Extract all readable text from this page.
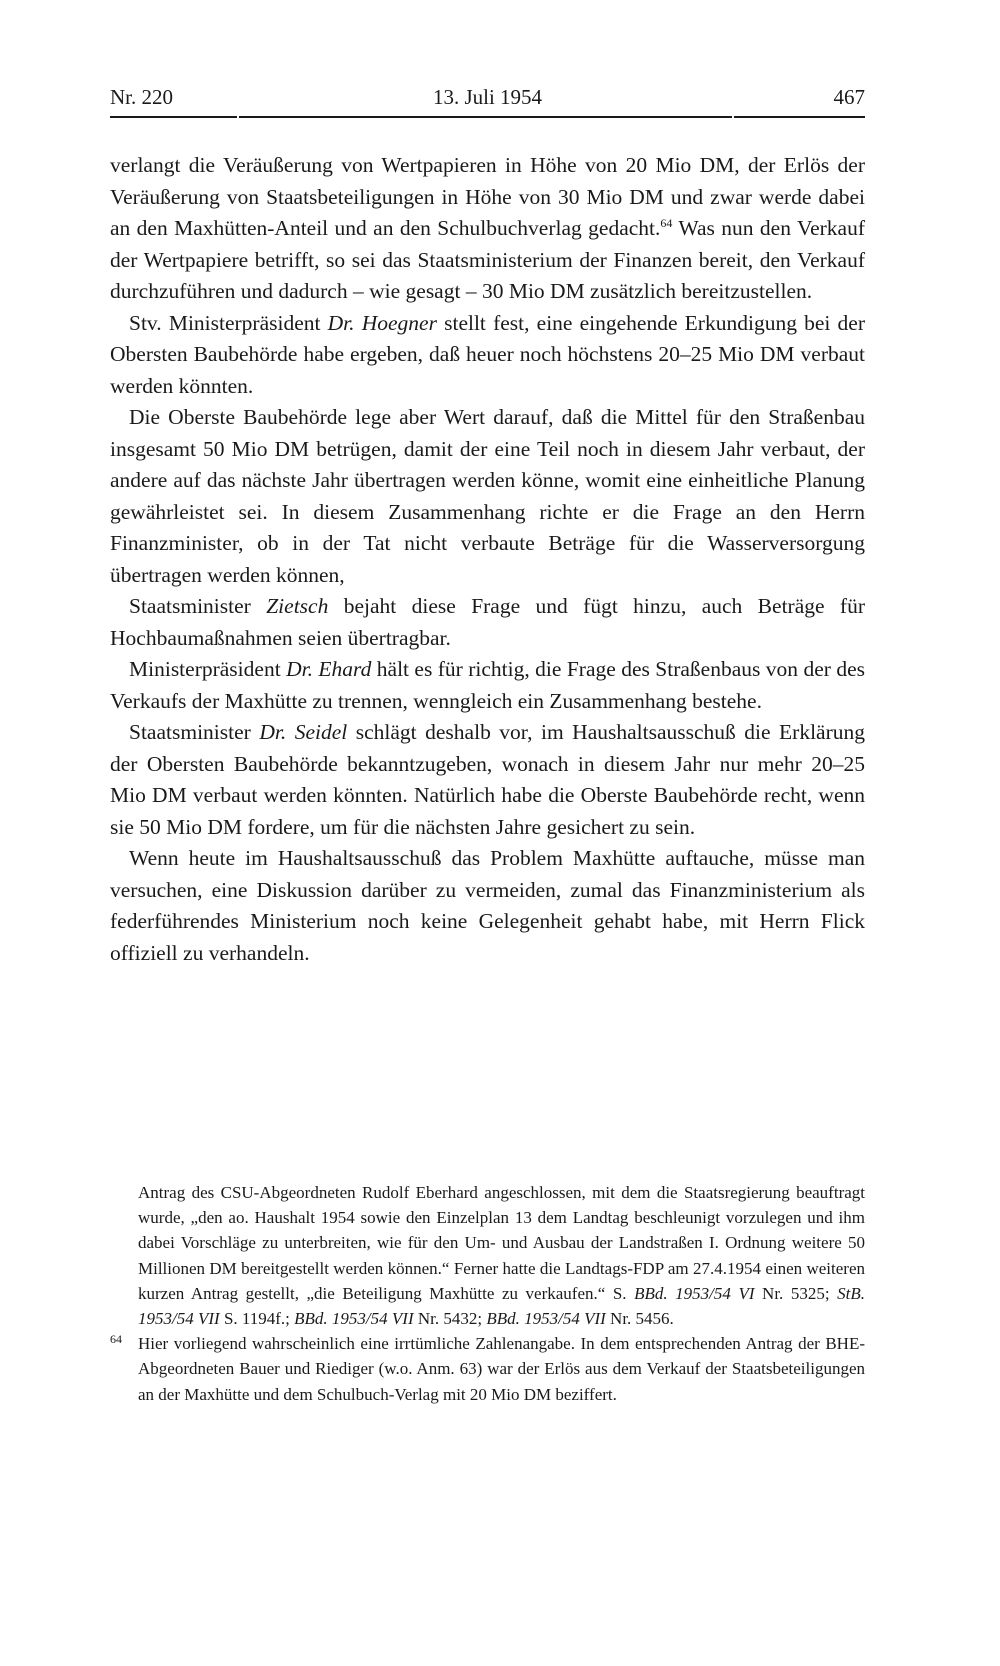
Nr. 220	13. Juli 1954	467

verlangt die Veräußerung von Wertpapieren in Höhe von 20 Mio DM, der Erlös der Veräußerung von Staatsbeteiligungen in Höhe von 30 Mio DM und zwar werde dabei an den Maxhütten-Anteil und an den Schulbuchverlag gedacht.$^{64}$ Was nun den Verkauf der Wertpapiere betrifft, so sei das Staatsministerium der Finanzen bereit, den Verkauf durchzuführen und dadurch – wie gesagt – 30 Mio DM zusätzlich bereitzustellen.

Stv. Ministerpräsident Dr. Hoegner stellt fest, eine eingehende Erkundigung bei der Obersten Baubehörde habe ergeben, daß heuer noch höchstens 20–25 Mio DM verbaut werden könnten.

Die Oberste Baubehörde lege aber Wert darauf, daß die Mittel für den Straßenbau insgesamt 50 Mio DM betrügen, damit der eine Teil noch in diesem Jahr verbaut, der andere auf das nächste Jahr übertragen werden könne, womit eine einheitliche Planung gewährleistet sei. In diesem Zusammenhang richte er die Frage an den Herrn Finanzminister, ob in der Tat nicht verbaute Beträge für die Wasserversorgung übertragen werden können,

Staatsminister Zietsch bejaht diese Frage und fügt hinzu, auch Beträge für Hochbaumaßnahmen seien übertragbar.

Ministerpräsident Dr. Ehard hält es für richtig, die Frage des Straßenbaus von der des Verkaufs der Maxhütte zu trennen, wenngleich ein Zusammenhang bestehe.

Staatsminister Dr. Seidel schlägt deshalb vor, im Haushaltsausschuß die Erklärung der Obersten Baubehörde bekanntzugeben, wonach in diesem Jahr nur mehr 20–25 Mio DM verbaut werden könnten. Natürlich habe die Oberste Baubehörde recht, wenn sie 50 Mio DM fordere, um für die nächsten Jahre gesichert zu sein.

Wenn heute im Haushaltsausschuß das Problem Maxhütte auftauche, müsse man versuchen, eine Diskussion darüber zu vermeiden, zumal das Finanzministerium als federführendes Ministerium noch keine Gelegenheit gehabt habe, mit Herrn Flick offiziell zu verhandeln.

Antrag des CSU-Abgeordneten Rudolf Eberhard angeschlossen, mit dem die Staatsregierung beauftragt wurde, „den ao. Haushalt 1954 sowie den Einzelplan 13 dem Landtag beschleunigt vorzulegen und ihm dabei Vorschläge zu unterbreiten, wie für den Um- und Ausbau der Landstraßen I. Ordnung weitere 50 Millionen DM bereitgestellt werden können.“ Ferner hatte die Landtags-FDP am 27.4.1954 einen weiteren kurzen Antrag gestellt, „die Beteiligung Maxhütte zu verkaufen.“ S. BBd. 1953/54 VI Nr. 5325; StB. 1953/54 VII S. 1194f.; BBd. 1953/54 VII Nr. 5432; BBd. 1953/54 VII Nr. 5456.

64 Hier vorliegend wahrscheinlich eine irrtümliche Zahlenangabe. In dem entsprechenden Antrag der BHE-Abgeordneten Bauer und Riediger (w.o. Anm. 63) war der Erlös aus dem Verkauf der Staatsbeteiligungen an der Maxhütte und dem Schulbuch-Verlag mit 20 Mio DM beziffert.
